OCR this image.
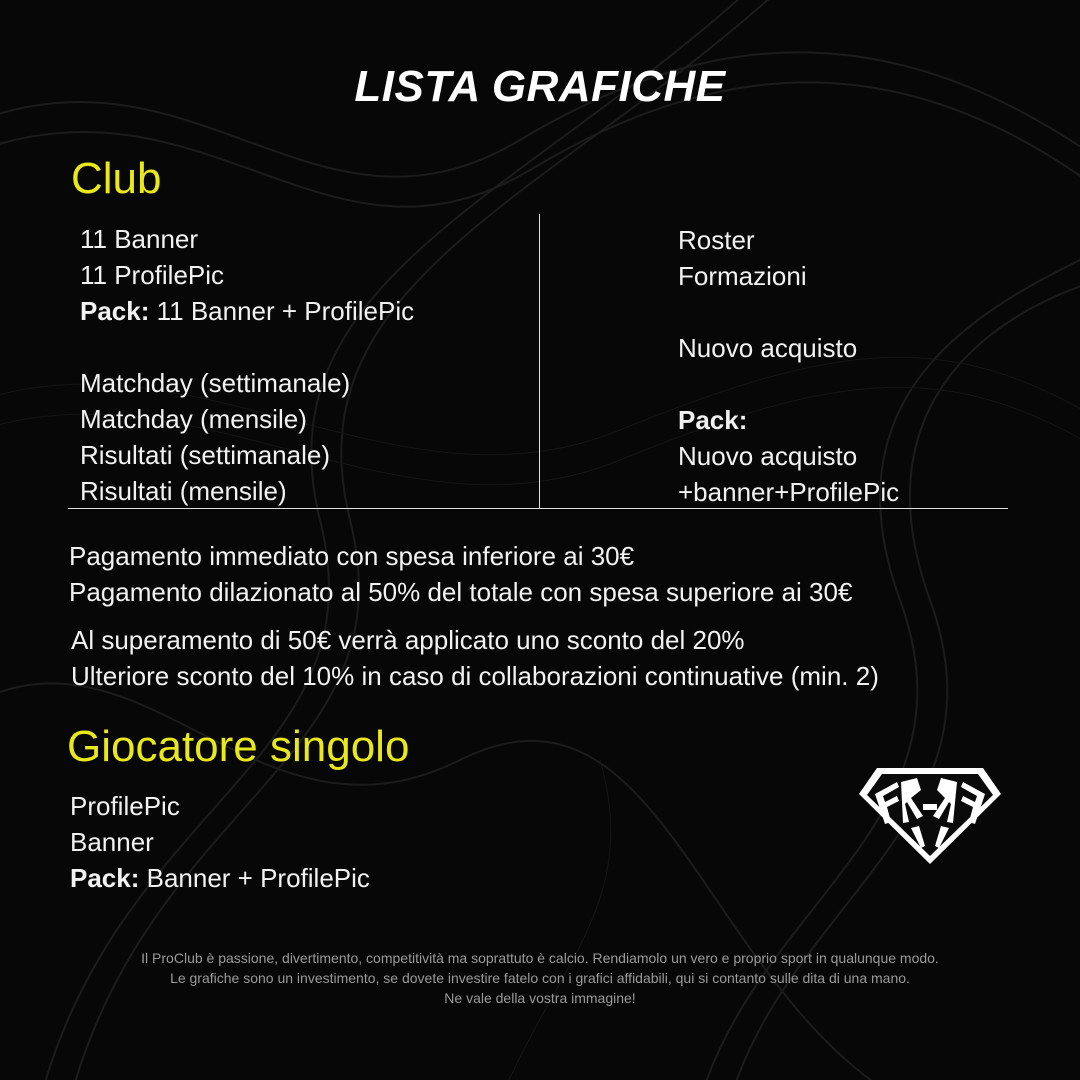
LISTA GRAFICHE
Club
11 Banner
11 ProfilePic
Pack: 11 Banner + ProfilePic
Matchday (settimanale)
Matchday (mensile)
Risultati (settimanale)
Risultati (mensile)
Roster
Formazioni
Nuovo acquisto
Pack:
Nuovo acquisto
+banner+ProfilePic
Pagamento immediato con spesa inferiore ai 30€
Pagamento dilazionato al 50% del totale con spesa superiore ai 30€
Al superamento di 50€ verrà applicato uno sconto del 20%
Ulteriore sconto del 10% in caso di collaborazioni continuative (min. 2)
Giocatore singolo
ProfilePic
Banner
Pack: Banner + ProfilePic
Il ProClub è passione, divertimento, competitività ma soprattuto è calcio. Rendiamolo un vero e proprio sport in qualunque modo.
Le grafiche sono un investimento, se dovete investire fatelo con i grafici affidabili, qui si contanto sulle dita di una mano.
Ne vale della vostra immagine!
